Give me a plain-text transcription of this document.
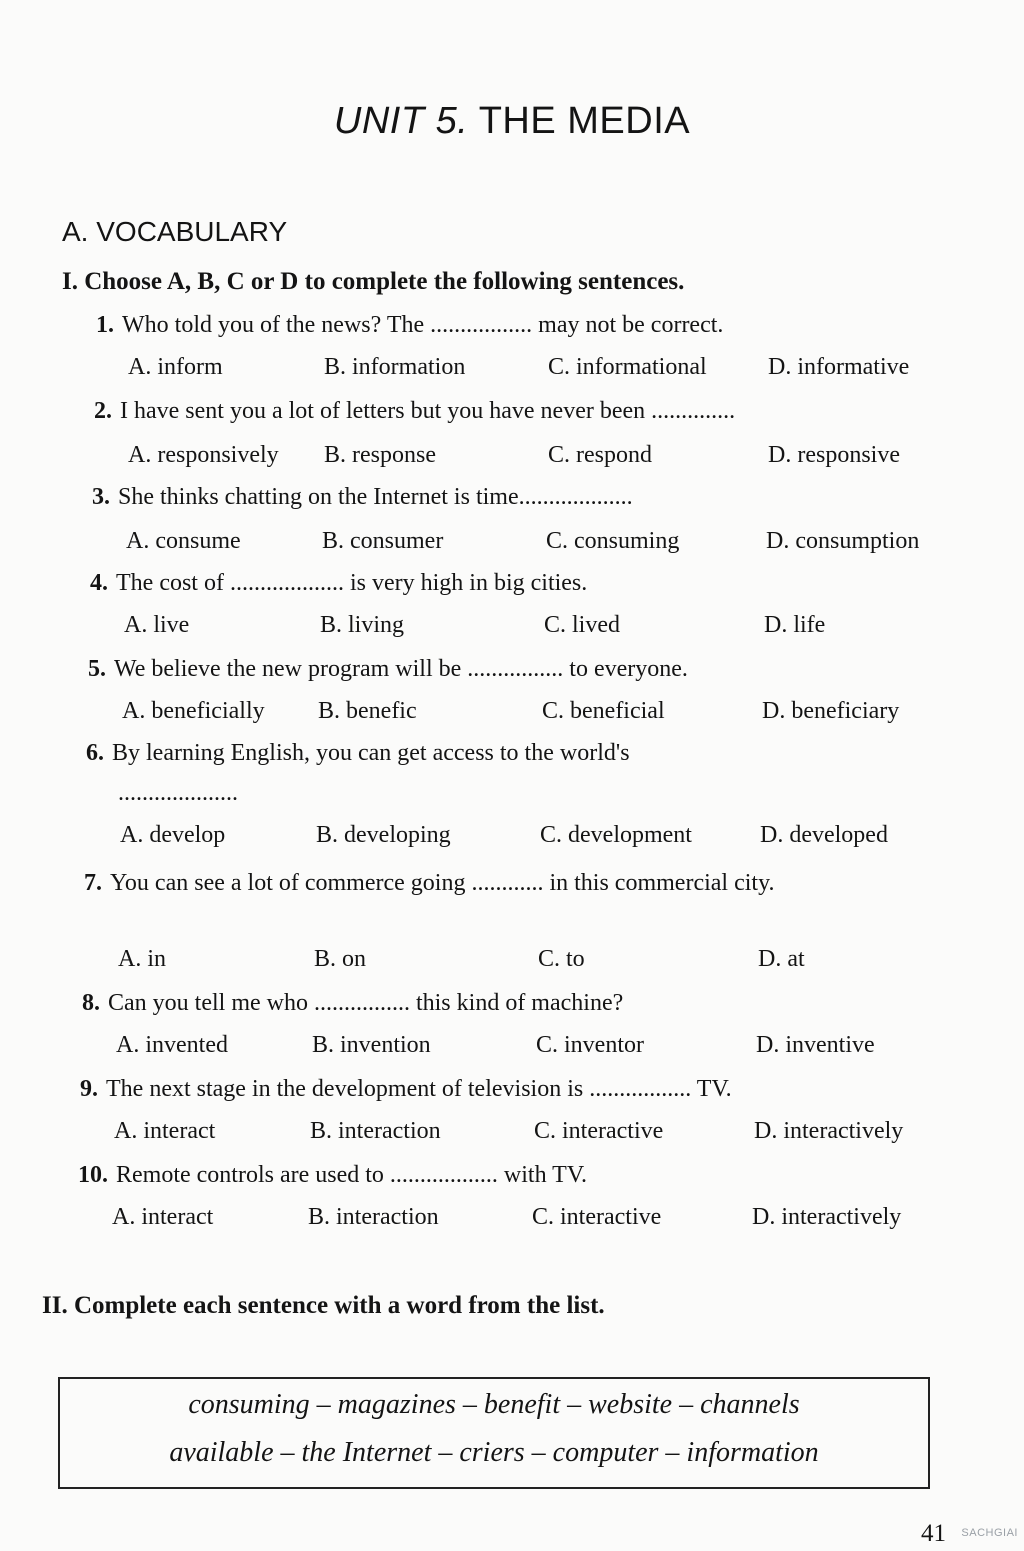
UNIT 5. THE MEDIA
A. VOCABULARY
I. Choose A, B, C or D to complete the following sentences.
1. Who told you of the news? The ................. may not be correct.
A. inform	B. information	C. informational	D. informative
2. I have sent you a lot of letters but you have never been ..............
A. responsively B. response	C. respond	D. responsive
3. She thinks chatting on the Internet is time...................
A. consume	B. consumer	C. consuming	D. consumption
4. The cost of ................... is very high in big cities.
A. live	B. living	C. lived	D. life
5. We believe the new program will be ................ to everyone.
A. beneficially B. benefic	C. beneficial	D. beneficiary
6. By learning English, you can get access to the world's
....................
A. develop	B. developing	C. development	D. developed
7. You can see a lot of commerce going ............ in this commercial city.
A. in	B. on	C. to	D. at
8. Can you tell me who ................ this kind of machine?
A. invented	B. invention	C. inventor	D. inventive
9. The next stage in the development of television is ................. TV.
A. interact	B. interaction	C. interactive	D. interactively
10. Remote controls are used to .................. with TV.
A. interact	B. interaction	C. interactive	D. interactively
II. Complete each sentence with a word from the list.
consuming – magazines – benefit – website – channels
available – the Internet – criers – computer – information
41 SACHGIAI
